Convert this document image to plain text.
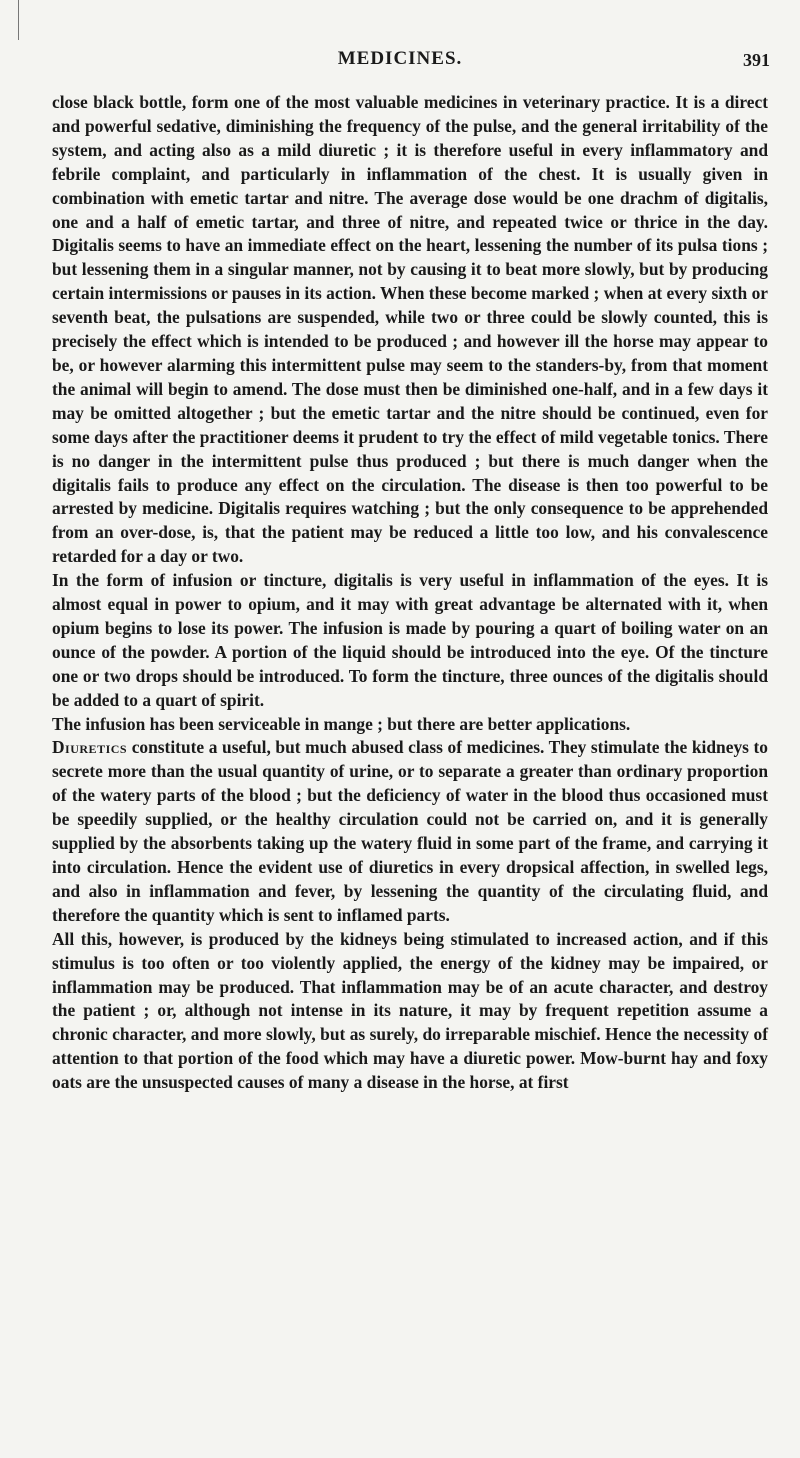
MEDICINES.	391

close black bottle, form one of the most valuable medicines in veterinary practice. It is a direct and powerful sedative, diminishing the frequency of the pulse, and the general irritability of the system, and acting also as a mild diuretic ; it is therefore useful in every inflammatory and febrile complaint, and particularly in inflammation of the chest. It is usually given in combination with emetic tartar and nitre. The average dose would be one drachm of digitalis, one and a half of emetic tartar, and three of nitre, and repeated twice or thrice in the day. Digitalis seems to have an immediate effect on the heart, lessening the number of its pulsa tions ; but lessening them in a singular manner, not by causing it to beat more slowly, but by producing certain intermissions or pauses in its action. When these become marked ; when at every sixth or seventh beat, the pulsations are suspended, while two or three could be slowly counted, this is precisely the effect which is intended to be produced ; and however ill the horse may appear to be, or however alarming this intermittent pulse may seem to the standers-by, from that moment the animal will begin to amend. The dose must then be diminished one-half, and in a few days it may be omitted altogether ; but the emetic tartar and the nitre should be continued, even for some days after the practitioner deems it prudent to try the effect of mild vegetable tonics. There is no danger in the intermittent pulse thus produced ; but there is much danger when the digitalis fails to produce any effect on the circulation. The disease is then too powerful to be arrested by medicine. Digitalis requires watching ; but the only consequence to be apprehended from an over-dose, is, that the patient may be reduced a little too low, and his convalescence retarded for a day or two.

In the form of infusion or tincture, digitalis is very useful in inflammation of the eyes. It is almost equal in power to opium, and it may with great advantage be alternated with it, when opium begins to lose its power. The infusion is made by pouring a quart of boiling water on an ounce of the powder. A portion of the liquid should be introduced into the eye. Of the tincture one or two drops should be introduced. To form the tincture, three ounces of the digitalis should be added to a quart of spirit.

The infusion has been serviceable in mange ; but there are better applications.

Diuretics constitute a useful, but much abused class of medicines. They stimulate the kidneys to secrete more than the usual quantity of urine, or to separate a greater than ordinary proportion of the watery parts of the blood ; but the deficiency of water in the blood thus occasioned must be speedily supplied, or the healthy circulation could not be carried on, and it is generally supplied by the absorbents taking up the watery fluid in some part of the frame, and carrying it into circulation. Hence the evident use of diuretics in every dropsical affection, in swelled legs, and also in inflammation and fever, by lessening the quantity of the circulating fluid, and therefore the quantity which is sent to inflamed parts.

All this, however, is produced by the kidneys being stimulated to increased action, and if this stimulus is too often or too violently applied, the energy of the kidney may be impaired, or inflammation may be produced. That inflammation may be of an acute character, and destroy the patient ; or, although not intense in its nature, it may by frequent repetition assume a chronic character, and more slowly, but as surely, do irreparable mischief. Hence the necessity of attention to that portion of the food which may have a diuretic power. Mow-burnt hay and foxy oats are the unsuspected causes of many a disease in the horse, at first
